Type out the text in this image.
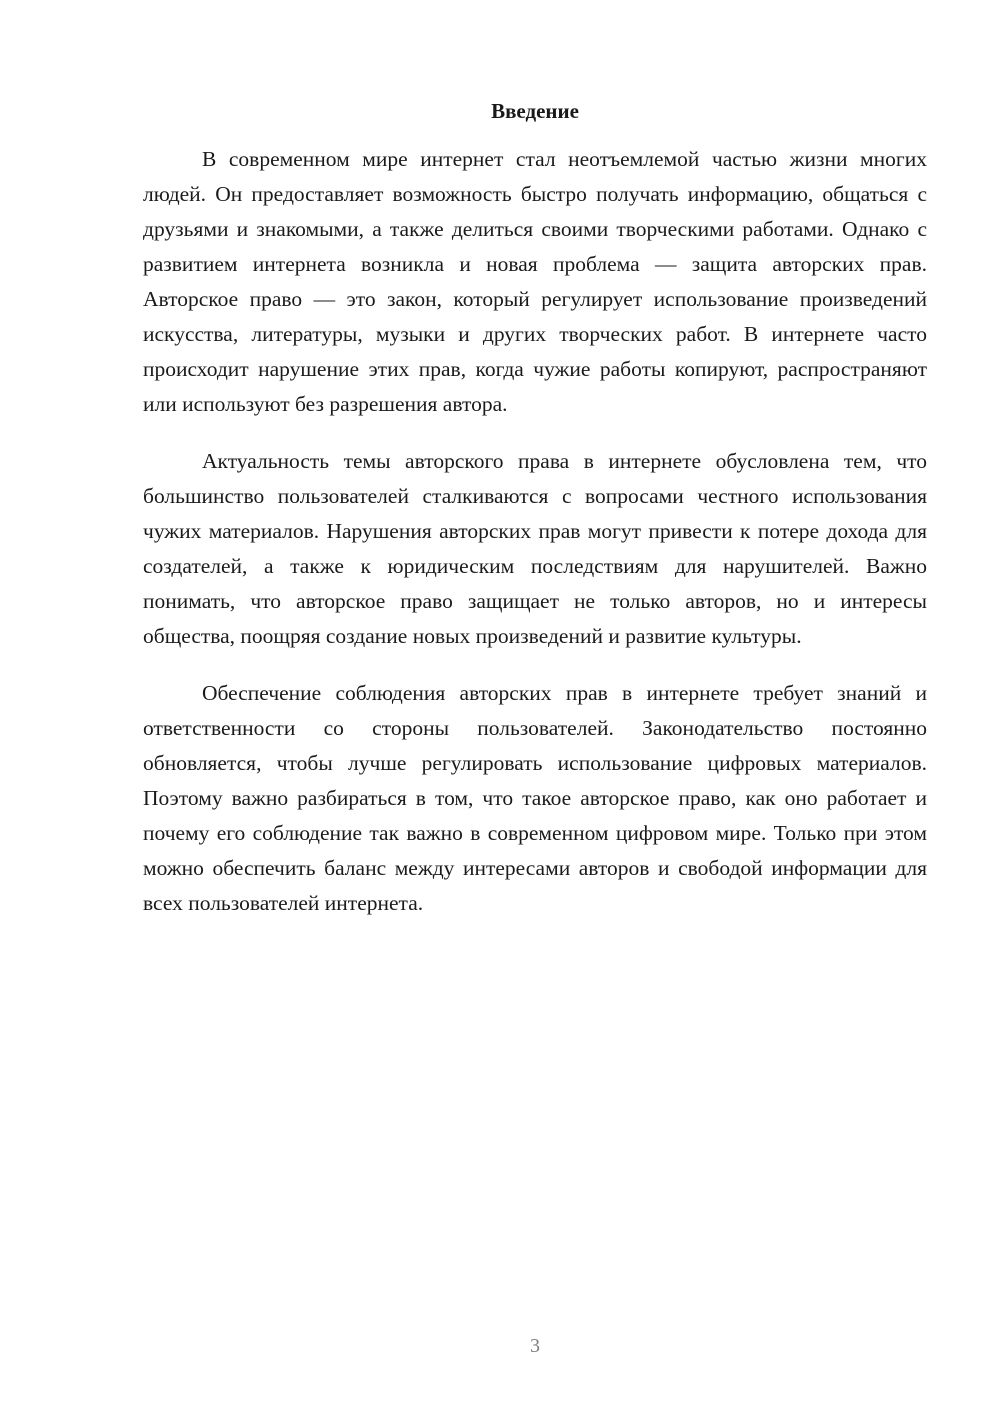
Введение

В современном мире интернет стал неотъемлемой частью жизни многих людей. Он предоставляет возможность быстро получать информацию, общаться с друзьями и знакомыми, а также делиться своими творческими работами. Однако с развитием интернета возникла и новая проблема — защита авторских прав. Авторское право — это закон, который регулирует использование произведений искусства, литературы, музыки и других творческих работ. В интернете часто происходит нарушение этих прав, когда чужие работы копируют, распространяют или используют без разрешения автора.

Актуальность темы авторского права в интернете обусловлена тем, что большинство пользователей сталкиваются с вопросами честного использования чужих материалов. Нарушения авторских прав могут привести к потере дохода для создателей, а также к юридическим последствиям для нарушителей. Важно понимать, что авторское право защищает не только авторов, но и интересы общества, поощряя создание новых произведений и развитие культуры.

Обеспечение соблюдения авторских прав в интернете требует знаний и ответственности со стороны пользователей. Законодательство постоянно обновляется, чтобы лучше регулировать использование цифровых материалов. Поэтому важно разбираться в том, что такое авторское право, как оно работает и почему его соблюдение так важно в современном цифровом мире. Только при этом можно обеспечить баланс между интересами авторов и свободой информации для всех пользователей интернета.

3
